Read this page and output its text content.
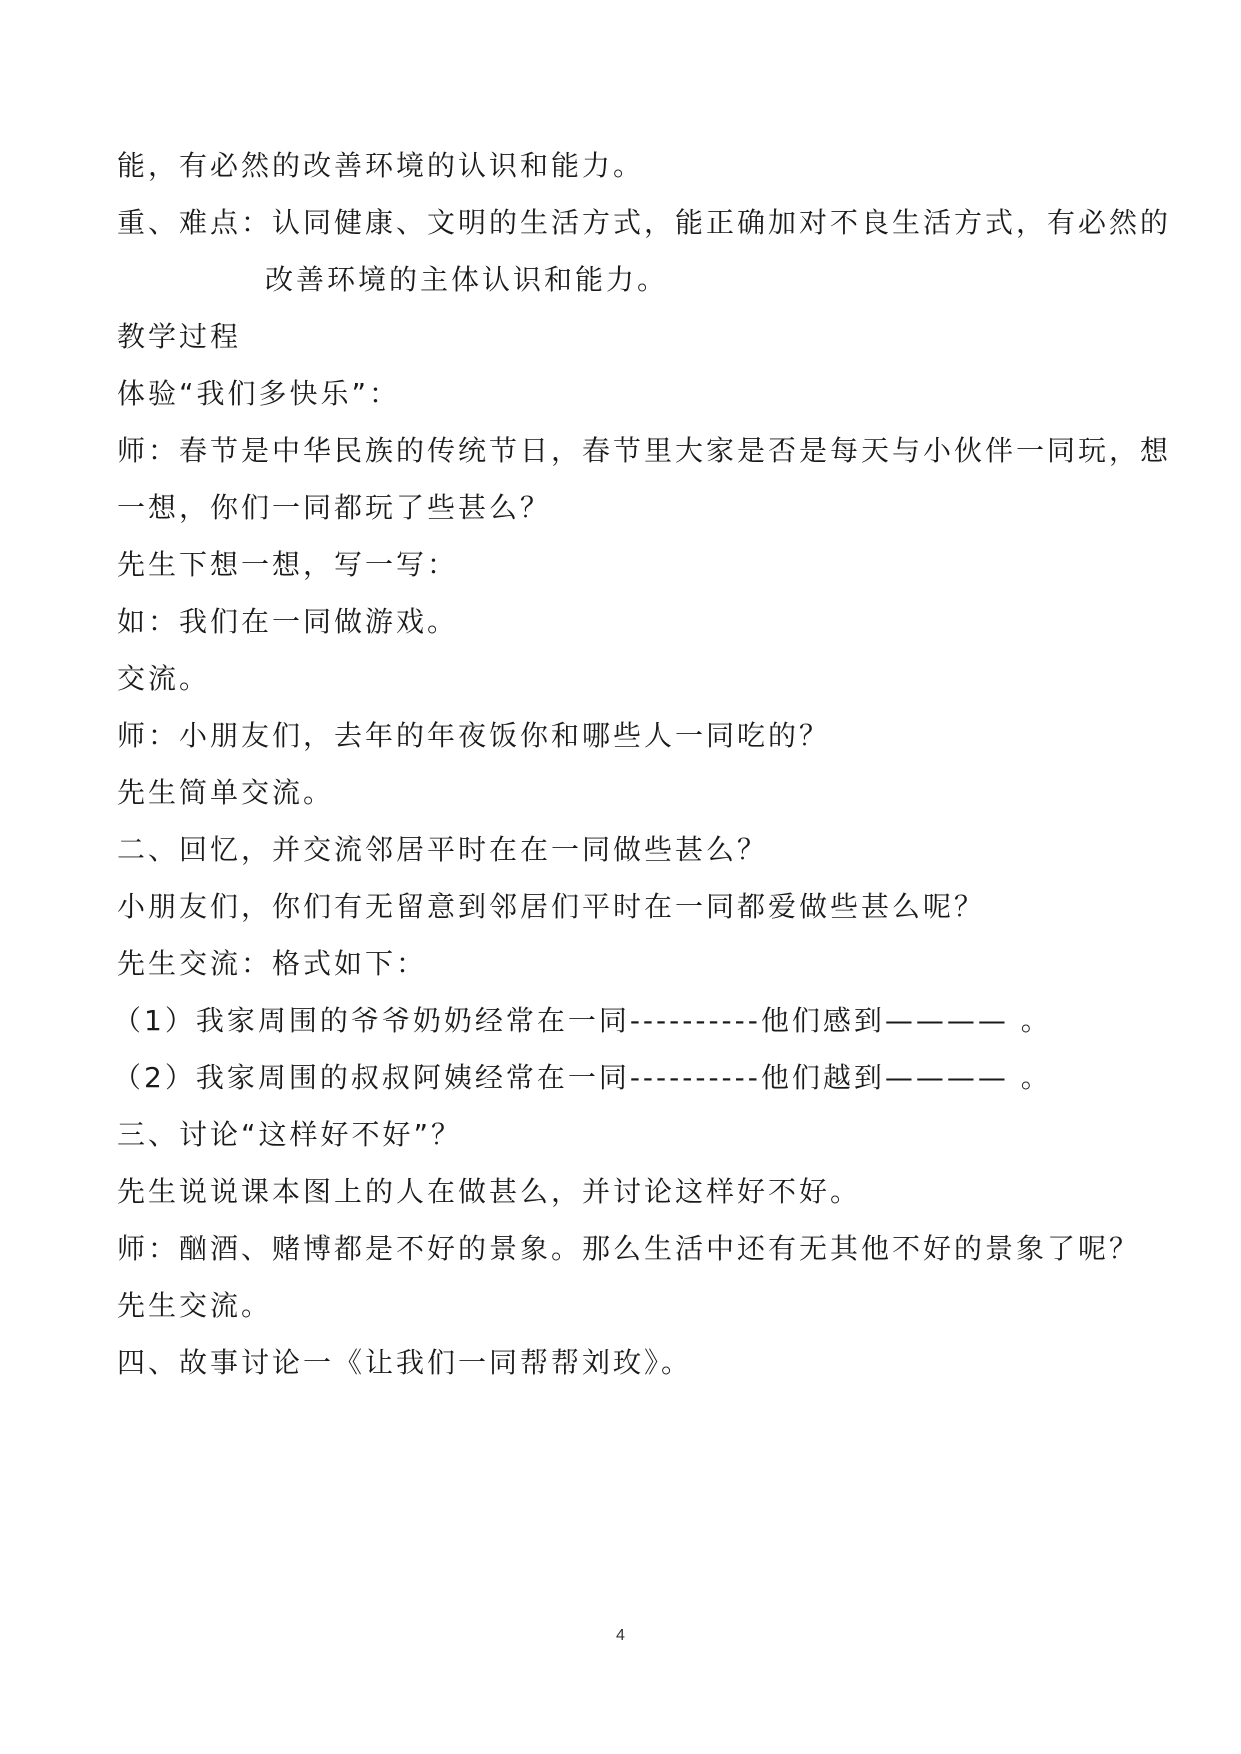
能，有必然的改善环境的认识和能力。
重、难点：认同健康、文明的生活方式，能正确加对不良生活方式，有必然的
改善环境的主体认识和能力。
教学过程
体验“我们多快乐”：
师：春节是中华民族的传统节日，春节里大家是否是每天与小伙伴一同玩，想
一想，你们一同都玩了些甚么？
先生下想一想，写一写：
如：我们在一同做游戏。
交流。
师：小朋友们，去年的年夜饭你和哪些人一同吃的？
先生简单交流。
二、回忆，并交流邻居平时在在一同做些甚么？
小朋友们，你们有无留意到邻居们平时在一同都爱做些甚么呢？
先生交流：格式如下：
（1）我家周围的爷爷奶奶经常在一同----------他们感到———— 。
（2）我家周围的叔叔阿姨经常在一同----------他们越到———— 。
三、讨论“这样好不好”？
先生说说课本图上的人在做甚么，并讨论这样好不好。
师：酗酒、赌博都是不好的景象。那么生活中还有无其他不好的景象了呢？
先生交流。
四、故事讨论一《让我们一同帮帮刘玫》。
4
